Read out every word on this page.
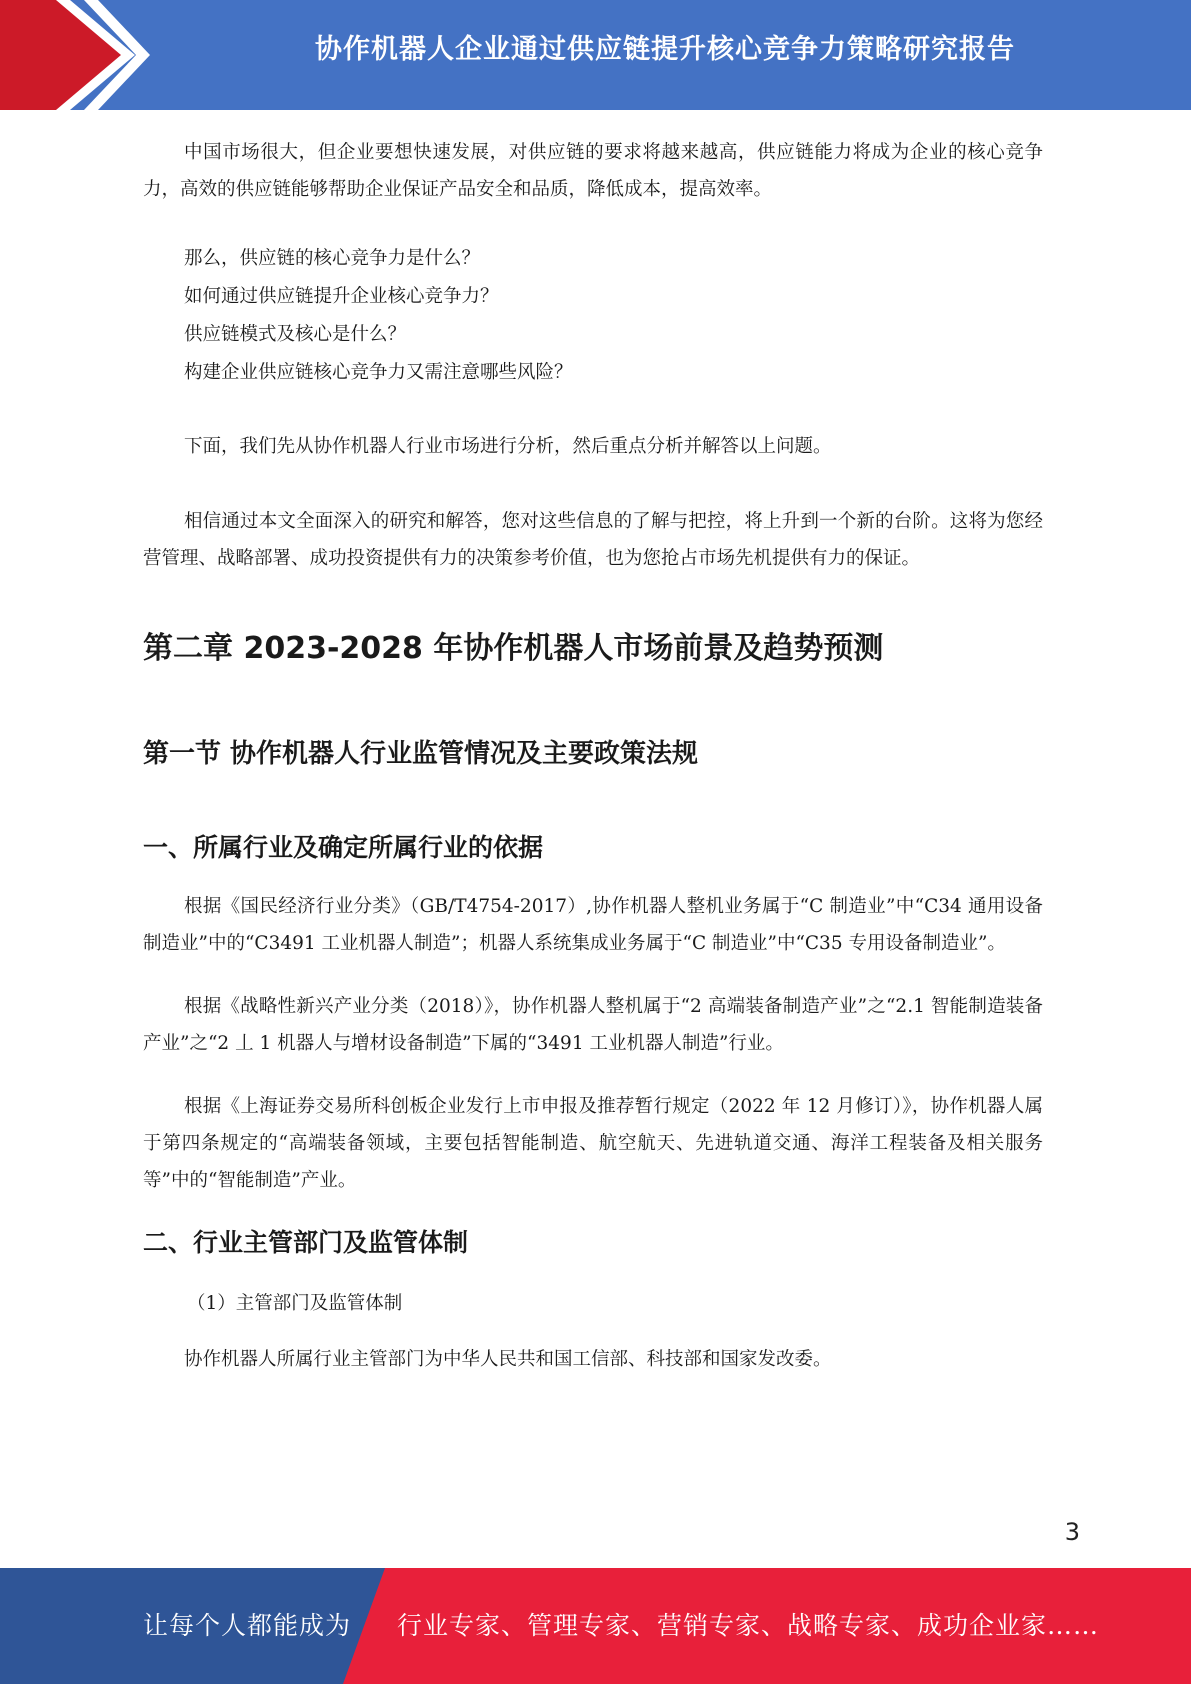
协作机器人企业通过供应链提升核心竞争力策略研究报告

中国市场很大，但企业要想快速发展，对供应链的要求将越来越高，供应链能力将成为企业的核心竞争力，高效的供应链能够帮助企业保证产品安全和品质，降低成本，提高效率。

那么，供应链的核心竞争力是什么？
如何通过供应链提升企业核心竞争力？
供应链模式及核心是什么？
构建企业供应链核心竞争力又需注意哪些风险？

下面，我们先从协作机器人行业市场进行分析，然后重点分析并解答以上问题。

相信通过本文全面深入的研究和解答，您对这些信息的了解与把控，将上升到一个新的台阶。这将为您经营管理、战略部署、成功投资提供有力的决策参考价值，也为您抢占市场先机提供有力的保证。

第二章 2023-2028 年协作机器人市场前景及趋势预测
第一节 协作机器人行业监管情况及主要政策法规
一、所属行业及确定所属行业的依据

根据《国民经济行业分类》（GB/T4754-2017）,协作机器人整机业务属于“C 制造业”中“C34 通用设备制造业”中的“C3491 工业机器人制造”；机器人系统集成业务属于“C 制造业”中“C35 专用设备制造业”。

根据《战略性新兴产业分类（2018）》，协作机器人整机属于“2 高端装备制造产业”之“2.1 智能制造装备产业”之“2 丄 1 机器人与增材设备制造”下属的“3491 工业机器人制造”行业。

根据《上海证券交易所科创板企业发行上市申报及推荐暂行规定（2022 年 12 月修订）》，协作机器人属于第四条规定的“高端装备领域，主要包括智能制造、航空航天、先进轨道交通、海洋工程装备及相关服务等”中的“智能制造”产业。

二、行业主管部门及监管体制

（1）主管部门及监管体制

协作机器人所属行业主管部门为中华人民共和国工信部、科技部和国家发改委。

3
让每个人都能成为 行业专家、管理专家、营销专家、战略专家、成功企业家……
